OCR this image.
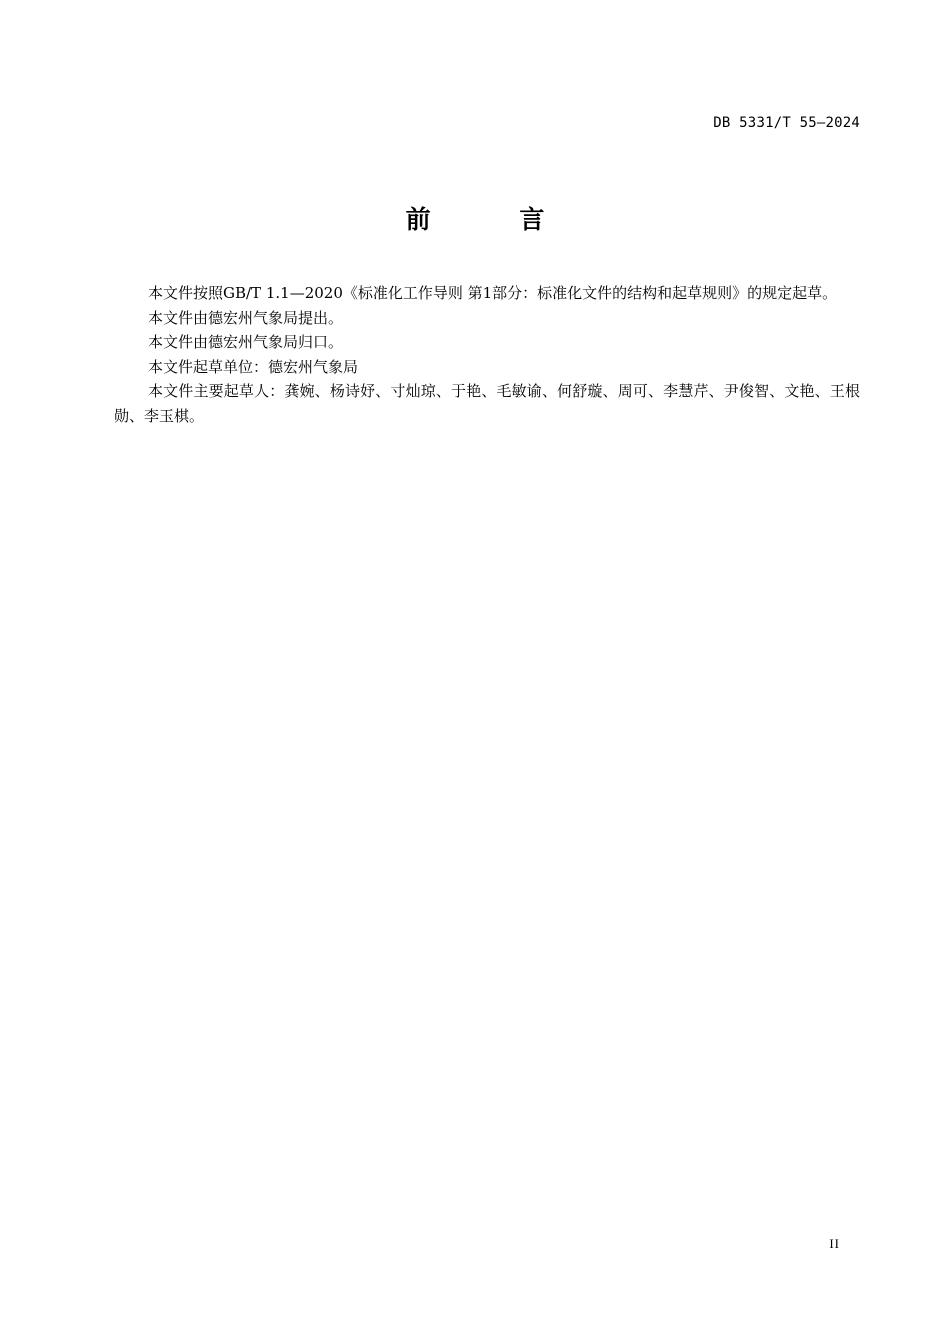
DB 5331/T 55—2024
前 言

本文件按照GB/T 1.1—2020《标准化工作导则 第1部分：标准化文件的结构和起草规则》的规定起草。

本文件由德宏州气象局提出。

本文件由德宏州气象局归口。

本文件起草单位：德宏州气象局

本文件主要起草人：龚婉、杨诗妤、寸灿琼、于艳、毛敏谕、何舒璇、周可、李慧芹、尹俊智、文艳、王根勋、李玉棋。

II
